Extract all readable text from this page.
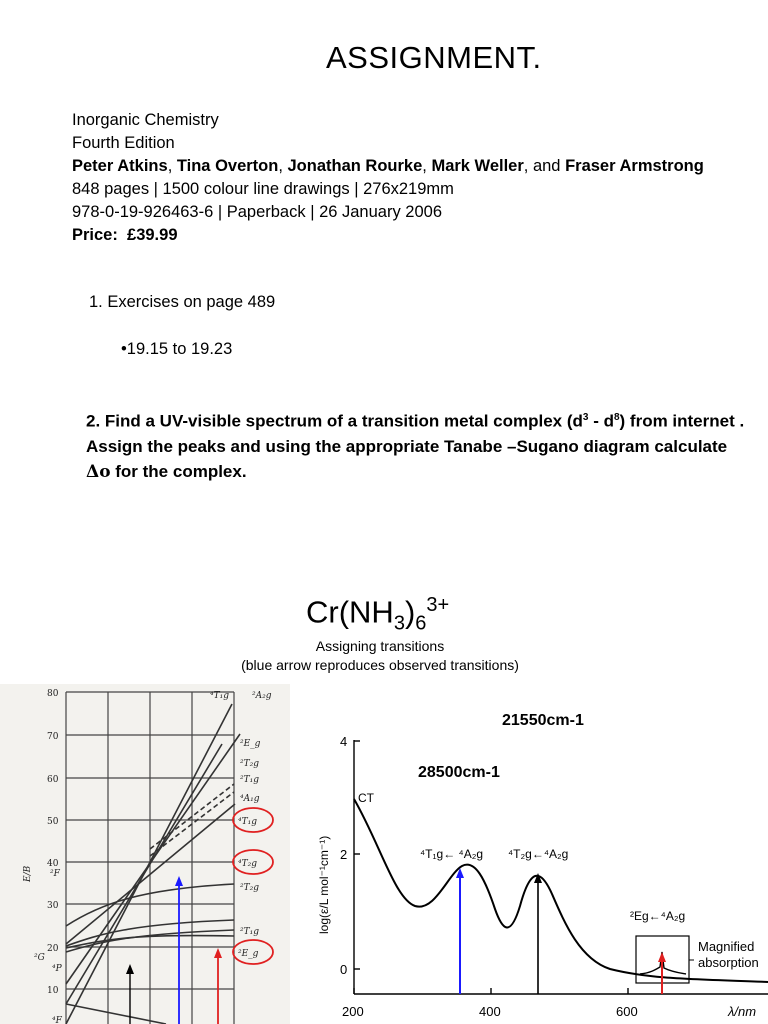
ASSIGNMENT.
Inorganic Chemistry
Fourth Edition
Peter Atkins, Tina Overton, Jonathan Rourke, Mark Weller, and Fraser Armstrong
848 pages | 1500 colour line drawings | 276x219mm
978-0-19-926463-6 | Paperback | 26 January 2006
Price: £39.99
1. Exercises on page 489
•19.15 to 19.23
2. Find a UV-visible spectrum of a transition metal complex $(d^3 - d^8)$ from internet . Assign the peaks and using the appropriate Tanabe –Sugano diagram calculate Δo for the complex.
$Cr(NH_3)_6^{3+}$
Assigning transitions
(blue arrow reproduces observed transitions)
80
70
60
50
40
30
20
10
E/B ²F
²G
⁴P
⁴F
⁴T₁g	²A₂g
²E_g
²T₂g
²T₁g
⁴A₁g
⁴T₁g
⁴T₂g
²T₂g
²T₁g
²E_g
4
2
0
200	400	600	λ/nm
log(ε/L mol⁻¹cm⁻¹)
CT
21550cm-1
28500cm-1
⁴T₁g← ⁴A₂g ⁴T₂g←⁴A₂g
²Eg←⁴A₂g
Magnified
absorption
